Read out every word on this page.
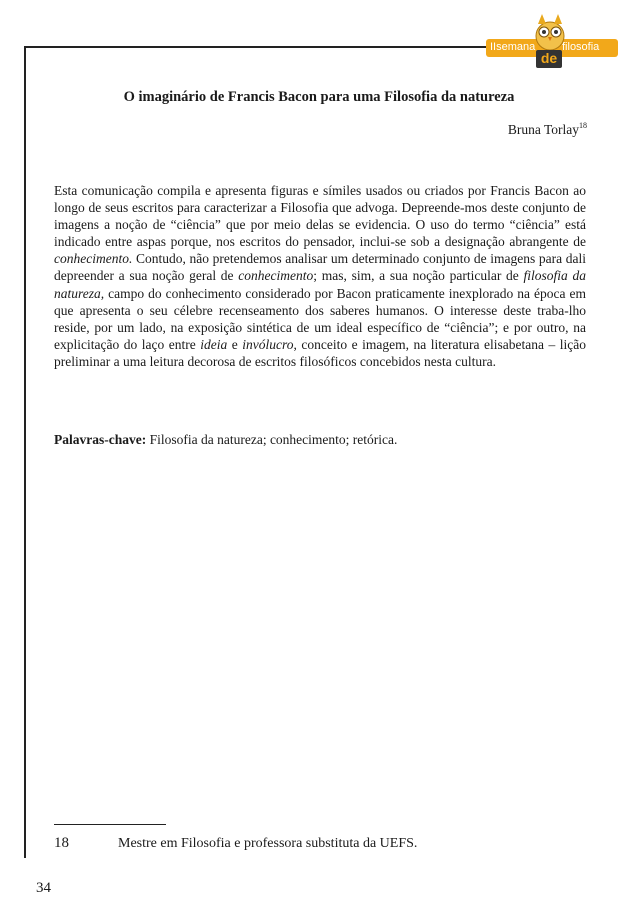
IIsemana filosofia
de
O imaginário de Francis Bacon para uma Filosofia da natureza
Bruna Torlay$^{18}$

Esta comunicação compila e apresenta figuras e símiles usados ou criados por Francis Bacon ao longo de seus escritos para caracterizar a Filosofia que advoga. Depreende-mos deste conjunto de imagens a noção de “ciência” que por meio delas se evidencia. O uso do termo “ciência” está indicado entre aspas porque, nos escritos do pensador, inclui-se sob a designação abrangente de conhecimento. Contudo, não pretendemos analisar um determinado conjunto de imagens para dali depreender a sua noção geral de conhecimento; mas, sim, a sua noção particular de filosofia da natureza, campo do conhecimento considerado por Bacon praticamente inexplorado na época em que apresenta o seu célebre recenseamento dos saberes humanos. O interesse deste traba-lho reside, por um lado, na exposição sintética de um ideal específico de “ciência”; e por outro, na explicitação do laço entre ideia e invólucro, conceito e imagem, na literatura elisabetana – lição preliminar a uma leitura decorosa de escritos filosóficos concebidos nesta cultura.

Palavras-chave: Filosofia da natureza; conhecimento; retórica.

18	Mestre em Filosofia e professora substituta da UEFS.
34
